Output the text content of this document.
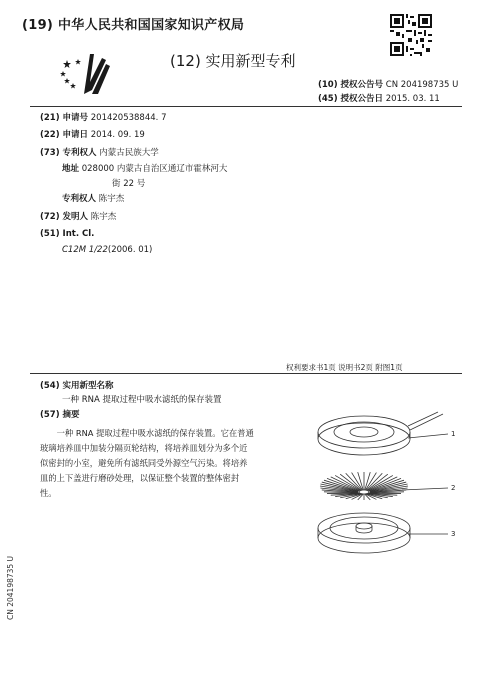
(19) 中华人民共和国国家知识产权局
(12) 实用新型专利
(10) 授权公告号 CN 204198735 U
(45) 授权公告日 2015. 03. 11
(21) 申请号 201420538844. 7
(22) 申请日 2014. 09. 19
(73) 专利权人 内蒙古民族大学
地址 028000 内蒙古自治区通辽市霍林河大
街 22 号
专利权人 陈宇杰
(72) 发明人 陈宇杰
(51) Int. Cl.
C12M 1/22(2006. 01)
权利要求书1页 说明书2页 附图1页
(54) 实用新型名称
一种 RNA 提取过程中吸水滤纸的保存装置
(57) 摘要

一种 RNA 提取过程中吸水滤纸的保存装置。它在普通玻璃培养皿中加装分隔页轮结构，将培养皿划分为多个近似密封的小室，避免所有滤纸同受外源空气污染。将培养皿的上下盖进行磨砂处理，以保证整个装置的整体密封性。

1
2
3
CN 204198735 U
